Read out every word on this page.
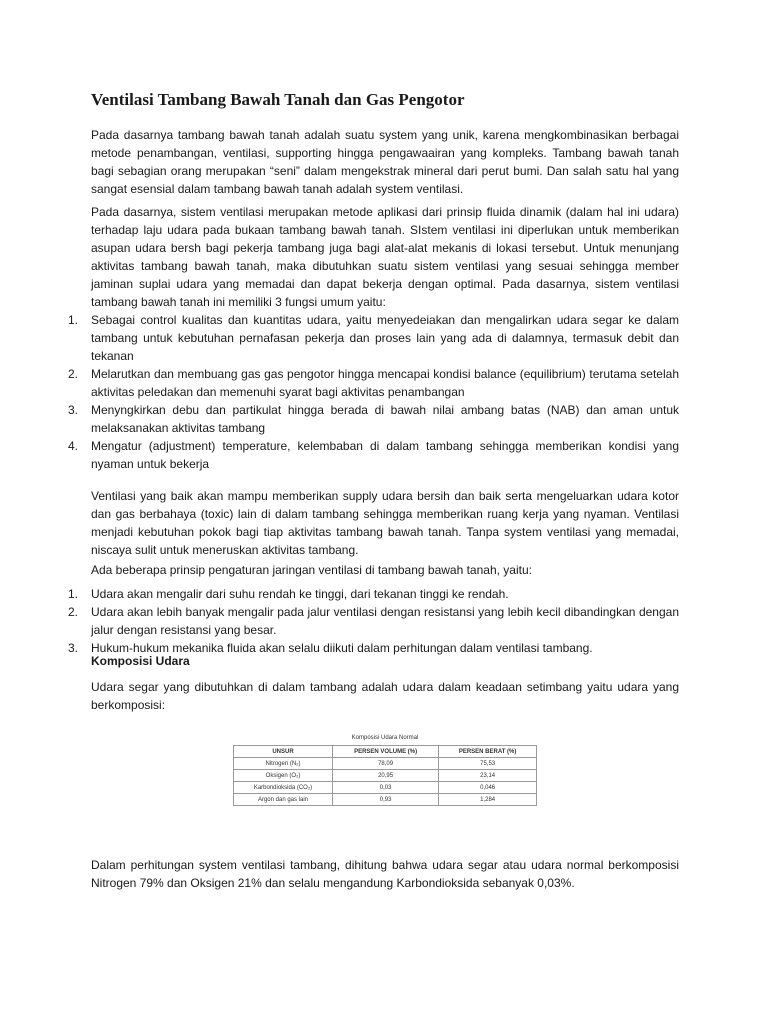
Ventilasi Tambang Bawah Tanah dan Gas Pengotor

Pada dasarnya tambang bawah tanah adalah suatu system yang unik, karena mengkombinasikan berbagai metode penambangan, ventilasi, supporting hingga pengawaairan yang kompleks. Tambang bawah tanah bagi sebagian orang merupakan “seni” dalam mengekstrak mineral dari perut bumi. Dan salah satu hal yang sangat esensial dalam tambang bawah tanah adalah system ventilasi.

Pada dasarnya, sistem ventilasi merupakan metode aplikasi dari prinsip fluida dinamik (dalam hal ini udara) terhadap laju udara pada bukaan tambang bawah tanah. SIstem ventilasi ini diperlukan untuk memberikan asupan udara bersh bagi pekerja tambang juga bagi alat-alat mekanis di lokasi tersebut. Untuk menunjang aktivitas tambang bawah tanah, maka dibutuhkan suatu sistem ventilasi yang sesuai sehingga member jaminan suplai udara yang memadai dan dapat bekerja dengan optimal. Pada dasarnya, sistem ventilasi tambang bawah tanah ini memiliki 3 fungsi umum yaitu:

1. Sebagai control kualitas dan kuantitas udara, yaitu menyedeiakan dan mengalirkan udara segar ke dalam tambang untuk kebutuhan pernafasan pekerja dan proses lain yang ada di dalamnya, termasuk debit dan tekanan
2. Melarutkan dan membuang gas gas pengotor hingga mencapai kondisi balance (equilibrium) terutama setelah aktivitas peledakan dan memenuhi syarat bagi aktivitas penambangan
3. Menyngkirkan debu dan partikulat hingga berada di bawah nilai ambang batas (NAB) dan aman untuk melaksanakan aktivitas tambang
4. Mengatur (adjustment) temperature, kelembaban di dalam tambang sehingga memberikan kondisi yang nyaman untuk bekerja

Ventilasi yang baik akan mampu memberikan supply udara bersih dan baik serta mengeluarkan udara kotor dan gas berbahaya (toxic) lain di dalam tambang sehingga memberikan ruang kerja yang nyaman. Ventilasi menjadi kebutuhan pokok bagi tiap aktivitas tambang bawah tanah. Tanpa system ventilasi yang memadai, niscaya sulit untuk meneruskan aktivitas tambang.

Ada beberapa prinsip pengaturan jaringan ventilasi di tambang bawah tanah, yaitu:

1. Udara akan mengalir dari suhu rendah ke tinggi, dari tekanan tinggi ke rendah.
2. Udara akan lebih banyak mengalir pada jalur ventilasi dengan resistansi yang lebih kecil dibandingkan dengan jalur dengan resistansi yang besar.
3. Hukum-hukum mekanika fluida akan selalu diikuti dalam perhitungan dalam ventilasi tambang.
Komposisi Udara

Udara segar yang dibutuhkan di dalam tambang adalah udara dalam keadaan setimbang yaitu udara yang berkomposisi:

Komposisi Udara Normal
UNSUR	PERSEN VOLUME (%)	PERSEN BERAT (%)
Nitrogen (N₂)	78,09	75,53
Oksigen (O₂)	20,95	23,14
Karbondioksida (CO₂)	0,03	0,046
Argon dan gas lain	0,93	1,284

Dalam perhitungan system ventilasi tambang, dihitung bahwa udara segar atau udara normal berkomposisi Nitrogen 79% dan Oksigen 21% dan selalu mengandung Karbondioksida sebanyak 0,03%.
